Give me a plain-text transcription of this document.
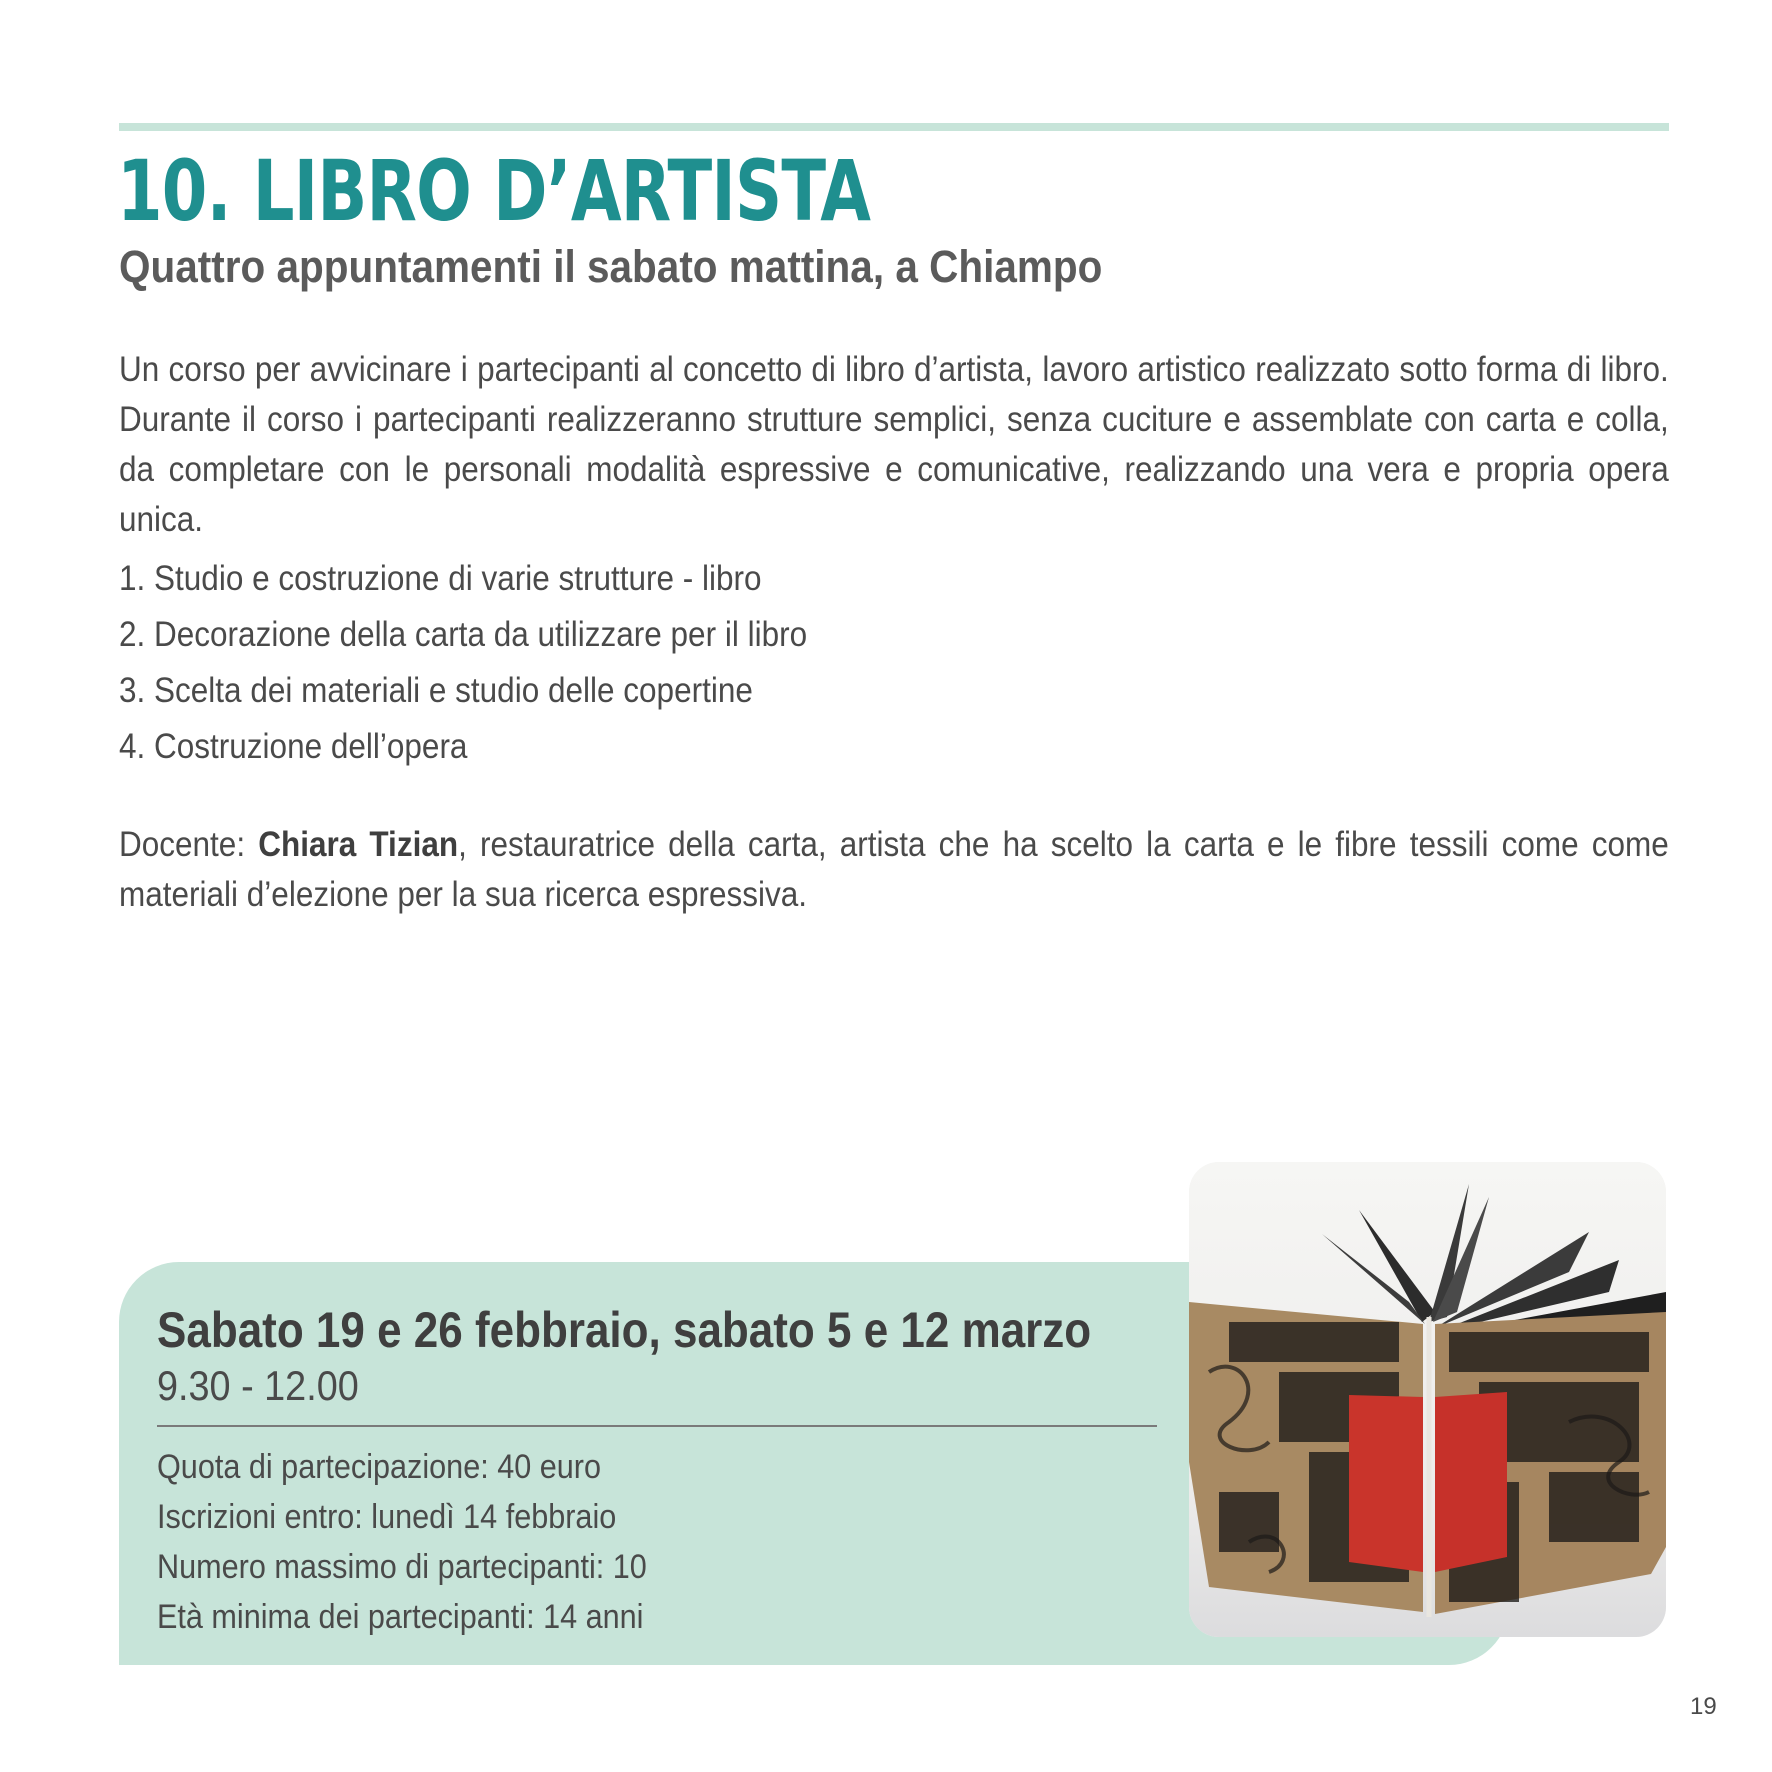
10. LIBRO D’ARTISTA
Quattro appuntamenti il sabato mattina, a Chiampo

Un corso per avvicinare i partecipanti al concetto di libro d’artista, lavoro artistico realizzato sotto forma di libro. Durante il corso i partecipanti realizzeranno strutture semplici, senza cuciture e assemblate con carta e colla, da completare con le personali modalità espressive e comunicative, realizzando una vera e propria opera unica.

1. Studio e costruzione di varie strutture - libro
2. Decorazione della carta da utilizzare per il libro
3. Scelta dei materiali e studio delle copertine
4. Costruzione dell’opera

Docente: Chiara Tizian, restauratrice della carta, artista che ha scelto la carta e le fibre tessili come come materiali d’elezione per la sua ricerca espressiva.

Sabato 19 e 26 febbraio, sabato 5 e 12 marzo

9.30 - 12.00

Quota di partecipazione: 40 euro
Iscrizioni entro: lunedì 14 febbraio
Numero massimo di partecipanti: 10
Età minima dei partecipanti: 14 anni
19
